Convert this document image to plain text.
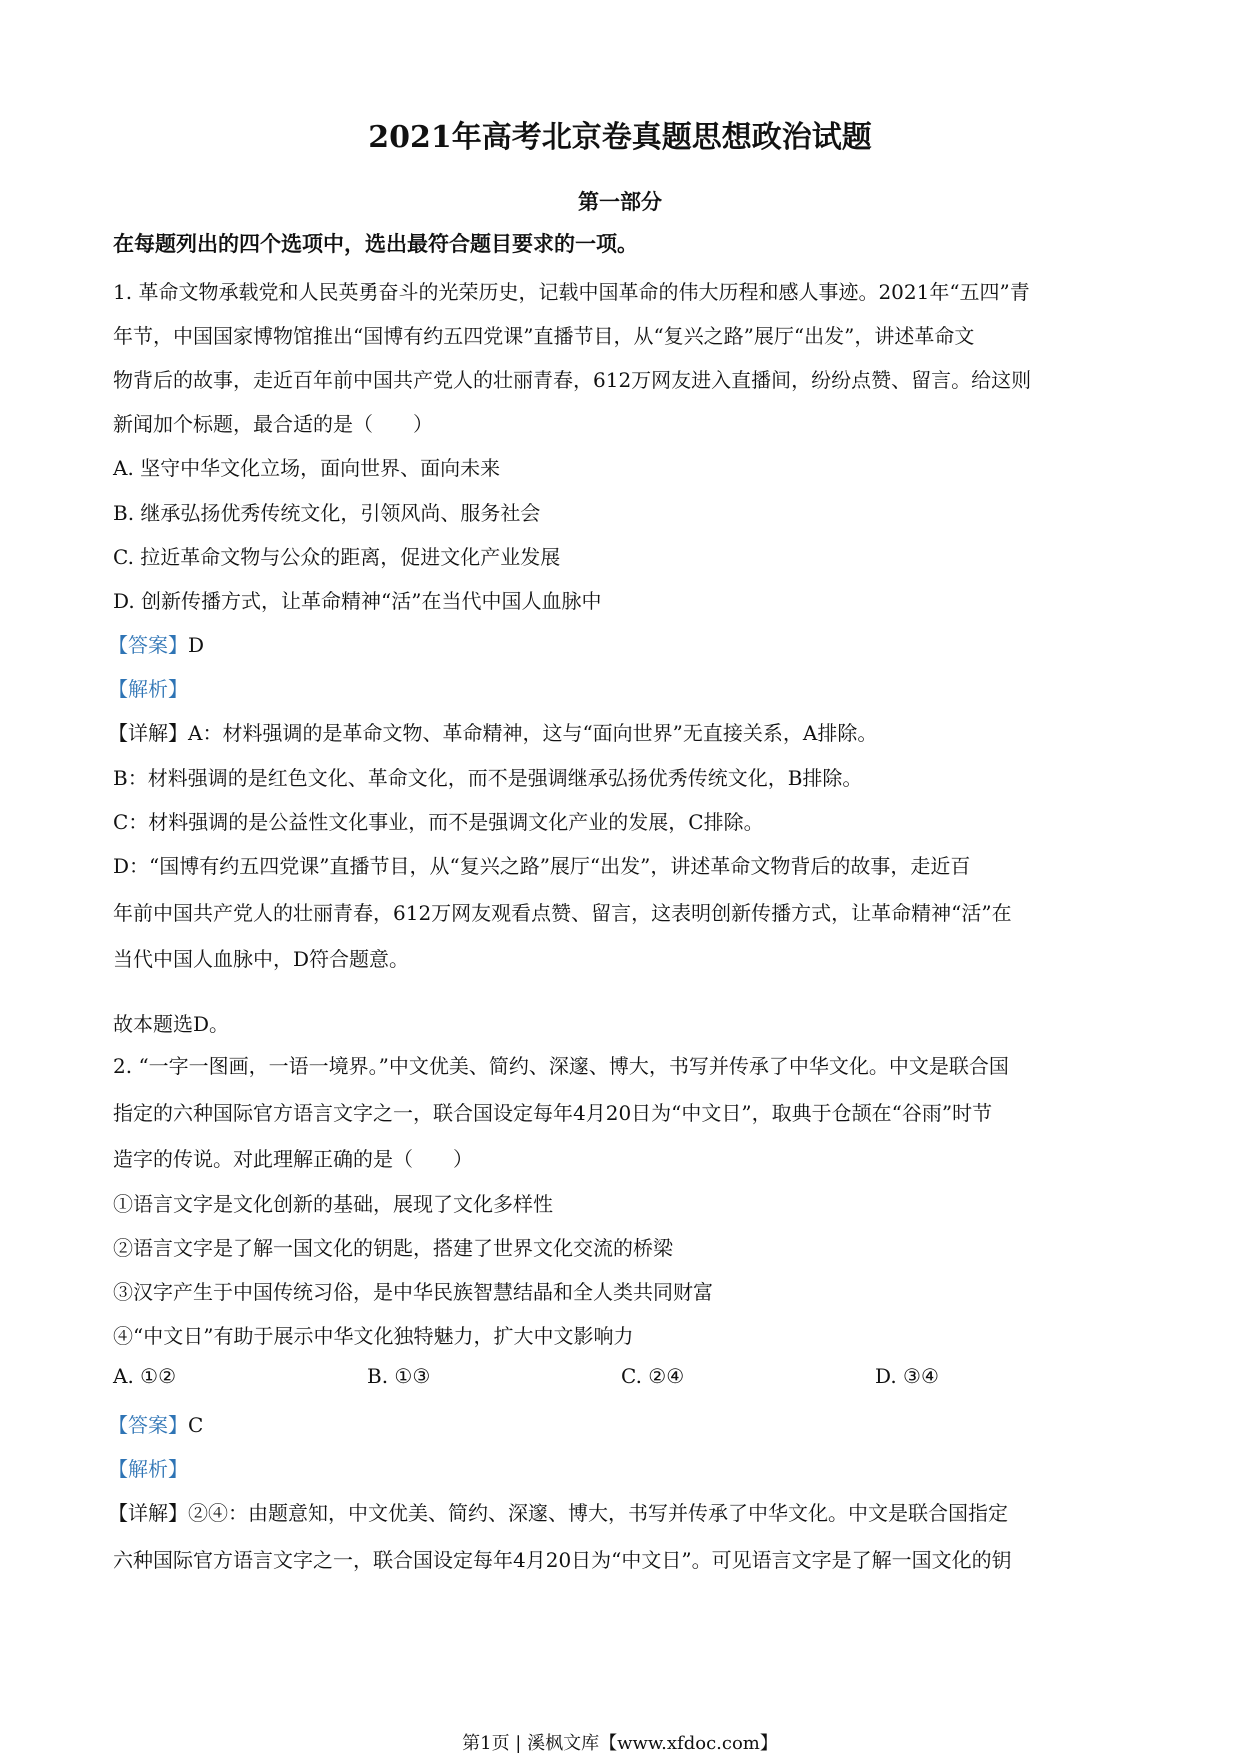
2021年高考北京卷真题思想政治试题
第一部分

在每题列出的四个选项中，选出最符合题目要求的一项。

1. 革命文物承载党和人民英勇奋斗的光荣历史，记载中国革命的伟大历程和感人事迹。2021年“五四”青

年节，中国国家博物馆推出“国博有约五四党课”直播节目，从“复兴之路”展厅“出发”，讲述革命文

物背后的故事，走近百年前中国共产党人的壮丽青春，612万网友进入直播间，纷纷点赞、留言。给这则

新闻加个标题，最合适的是（　　）

A. 坚守中华文化立场，面向世界、面向未来

B. 继承弘扬优秀传统文化，引领风尚、服务社会

C. 拉近革命文物与公众的距离，促进文化产业发展

D. 创新传播方式，让革命精神“活”在当代中国人血脉中

【答案】D

【解析】

【详解】A：材料强调的是革命文物、革命精神，这与“面向世界”无直接关系，A排除。

B：材料强调的是红色文化、革命文化，而不是强调继承弘扬优秀传统文化，B排除。

C：材料强调的是公益性文化事业，而不是强调文化产业的发展，C排除。

D：“国博有约五四党课”直播节目，从“复兴之路”展厅“出发”，讲述革命文物背后的故事，走近百

年前中国共产党人的壮丽青春，612万网友观看点赞、留言，这表明创新传播方式，让革命精神“活”在

当代中国人血脉中，D符合题意。

故本题选D。

2. “一字一图画，一语一境界。”中文优美、简约、深邃、博大，书写并传承了中华文化。中文是联合国

指定的六种国际官方语言文字之一，联合国设定每年4月20日为“中文日”，取典于仓颉在“谷雨”时节

造字的传说。对此理解正确的是（　　）

①语言文字是文化创新的基础，展现了文化多样性

②语言文字是了解一国文化的钥匙，搭建了世界文化交流的桥梁

③汉字产生于中国传统习俗，是中华民族智慧结晶和全人类共同财富

④“中文日”有助于展示中华文化独特魅力，扩大中文影响力

A. ①②	B. ①③	C. ②④	D. ③④

【答案】C

【解析】

【详解】②④：由题意知，中文优美、简约、深邃、博大，书写并传承了中华文化。中文是联合国指定

六种国际官方语言文字之一，联合国设定每年4月20日为“中文日”。可见语言文字是了解一国文化的钥

第1页 | 溪枫文库【www.xfdoc.com】
